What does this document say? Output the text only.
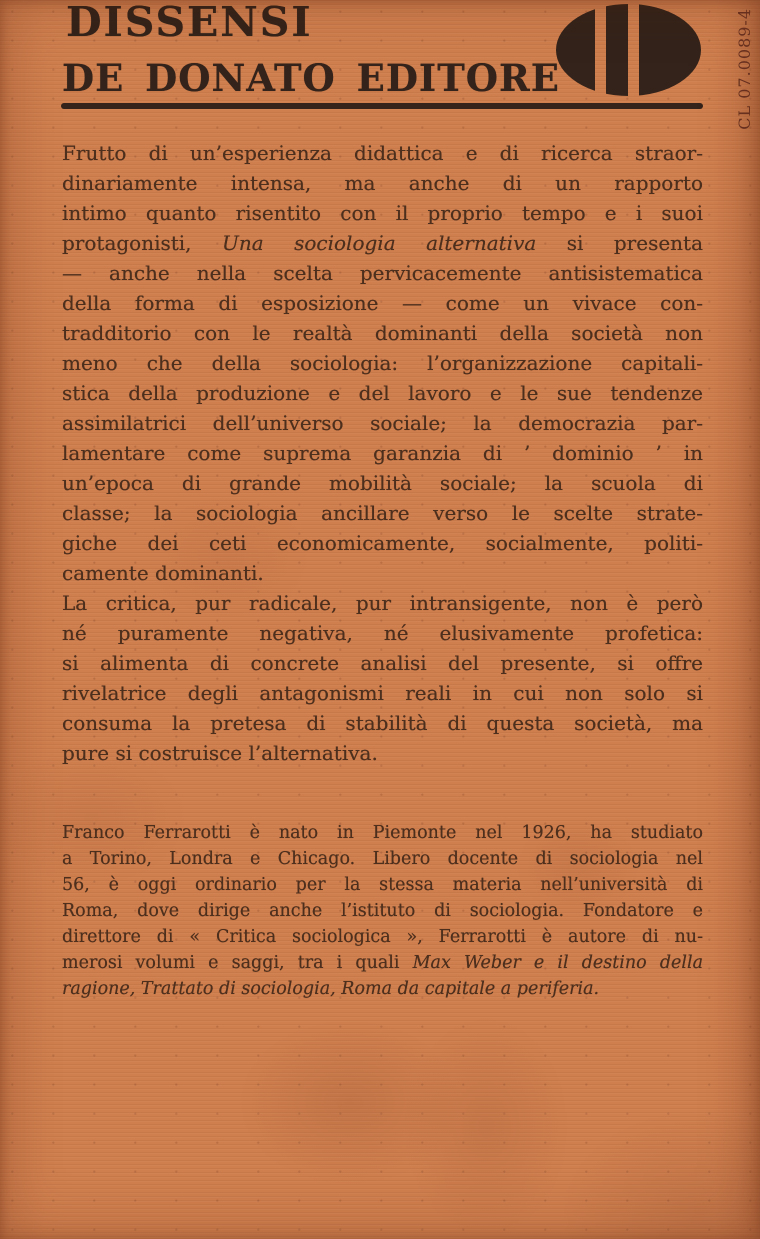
DISSENSI
DE DONATO EDITORE	CL 07.0089-4
Frutto di un’esperienza didattica e di ricerca straor-
dinariamente intensa, ma anche di un rapporto
intimo quanto risentito con il proprio tempo e i suoi
protagonisti, Una sociologia alternativa si presenta
— anche nella scelta pervicacemente antisistematica
della forma di esposizione — come un vivace con-
tradditorio con le realtà dominanti della società non
meno che della sociologia: l’organizzazione capitali-
stica della produzione e del lavoro e le sue tendenze
assimilatrici dell’universo sociale; la democrazia par-
lamentare come suprema garanzia di ’ dominio ’ in
un’epoca di grande mobilità sociale; la scuola di
classe; la sociologia ancillare verso le scelte strate-
giche dei ceti economicamente, socialmente, politi-
camente dominanti.
La critica, pur radicale, pur intransigente, non è però
né puramente negativa, né elusivamente profetica:
si alimenta di concrete analisi del presente, si offre
rivelatrice degli antagonismi reali in cui non solo si
consuma la pretesa di stabilità di questa società, ma
pure si costruisce l’alternativa.
Franco Ferrarotti è nato in Piemonte nel 1926, ha studiato
a Torino, Londra e Chicago. Libero docente di sociologia nel
56, è oggi ordinario per la stessa materia nell’università di
Roma, dove dirige anche l’istituto di sociologia. Fondatore e
direttore di « Critica sociologica », Ferrarotti è autore di nu-
merosi volumi e saggi, tra i quali Max Weber e il destino della
ragione, Trattato di sociologia, Roma da capitale a periferia.
